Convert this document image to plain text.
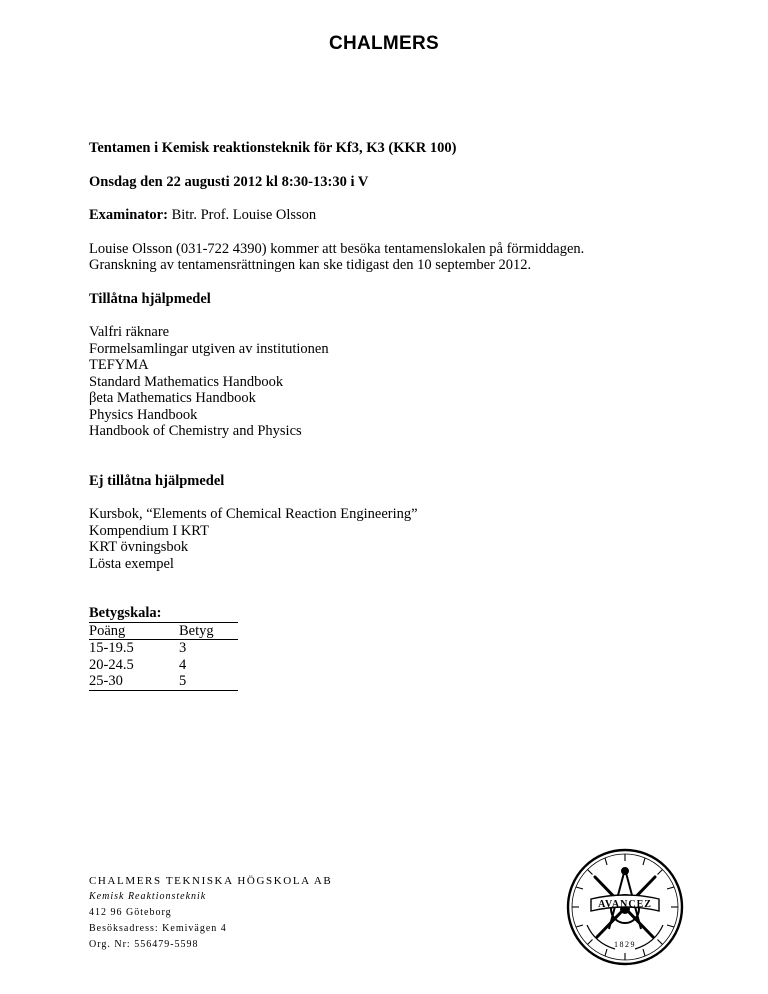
CHALMERS

Tentamen i Kemisk reaktionsteknik för Kf3, K3 (KKR 100)

Onsdag den 22 augusti 2012 kl 8:30-13:30 i V

Examinator: Bitr. Prof. Louise Olsson

Louise Olsson (031-722 4390) kommer att besöka tentamenslokalen på förmiddagen.

Granskning av tentamensrättningen kan ske tidigast den 10 september 2012.

Tillåtna hjälpmedel

Valfri räknare

Formelsamlingar utgiven av institutionen

TEFYMA

Standard Mathematics Handbook

βeta Mathematics Handbook

Physics Handbook

Handbook of Chemistry and Physics

Ej tillåtna hjälpmedel

Kursbok, “Elements of Chemical Reaction Engineering”

Kompendium I KRT

KRT övningsbok

Lösta exempel

Betygskala:

Poäng	Betyg
15-19.5	3
20-24.5	4
25-30	5
CHALMERS TEKNISKA HÖGSKOLA AB
Kemisk Reaktionsteknik
412 96 Göteborg
Besöksadress: Kemivägen 4
Org. Nr: 556479-5598
AVANCEZ
1829
